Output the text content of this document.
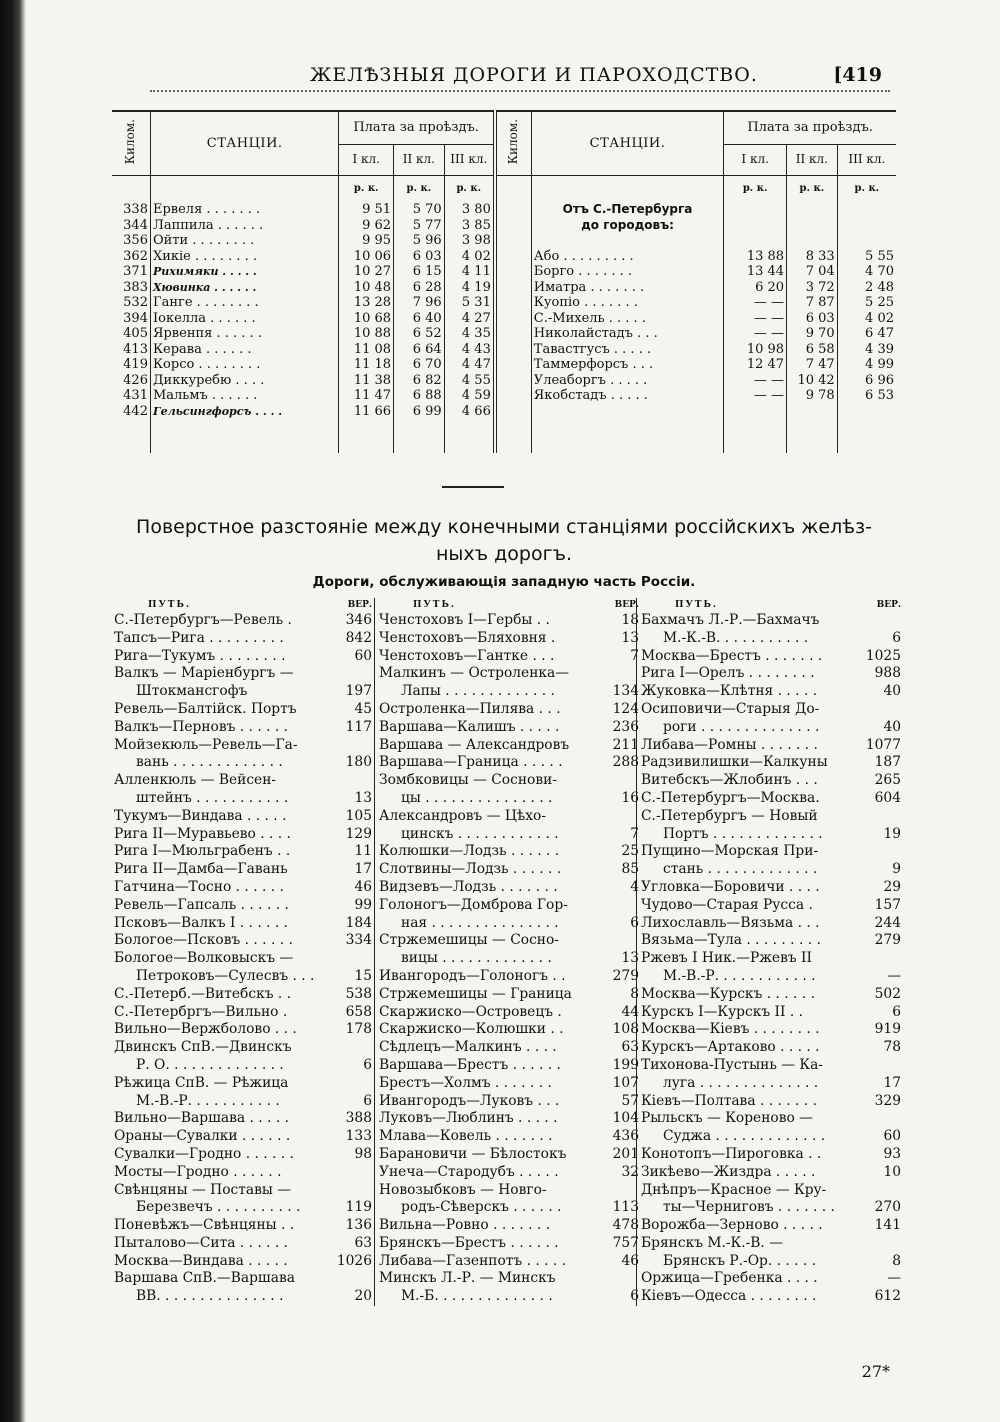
ЖЕЛѢЗНЫЯ ДОРОГИ И ПАРОХОДСТВО.	[419
Килом.	СТАНЦІИ.	Плата за проѣздъ.			Килом.	СТАНЦІИ.	Плата за проѣздъ.		
		I кл.	II кл.	III кл.			I кл.	II кл.	III кл.
		р. к.	р. к.	р. к.			р. к.	р. к.	р. к.
338	Ервеля . . . . . . .	9 51	5 70	3 80		Отъ С.-Петербурга			
344	Лаппила . . . . . .	9 62	5 77	3 85		до городовъ:			
356	Ойти . . . . . . . .	9 95	5 96	3 98					
362	Хикіе . . . . . . . .	10 06	6 03	4 02		Або . . . . . . . . .	13 88	8 33	5 55
371	Рихимяки . . . . .	10 27	6 15	4 11		Борго . . . . . . .	13 44	7 04	4 70
383	Хювинка . . . . . .	10 48	6 28	4 19		Иматра . . . . . . .	6 20	3 72	2 48
532	Ганге . . . . . . . .	13 28	7 96	5 31		Куопіо . . . . . . .	— —	7 87	5 25
394	Іокелла . . . . . .	10 68	6 40	4 27		С.-Михель . . . . .	— —	6 03	4 02
405	Ярвенпя . . . . . .	10 88	6 52	4 35		Николайстадъ . . .	— —	9 70	6 47
413	Керава . . . . . .	11 08	6 64	4 43		Тавастгусъ . . . . .	10 98	6 58	4 39
419	Корсо . . . . . . . .	11 18	6 70	4 47		Таммерфорсъ . . .	12 47	7 47	4 99
426	Диккуребю . . . .	11 38	6 82	4 55		Улеаборгъ . . . . .	— —	10 42	6 96
431	Мальмъ . . . . . .	11 47	6 88	4 59		Якобстадъ . . . . .	— —	9 78	6 53
442	Гельсингфорсъ . . . .	11 66	6 99	4 66					

Поверстное разстояніе между конечными станціями россійскихъ желѣз-
ныхъ дорогъ.
Дороги, обслуживающія западную часть Россіи.
ПУТЬ.	ВЕР.
С.-Петербургъ—Ревель .	346
Тапсъ—Рига . . . . . . . . .	842
Рига—Тукумъ . . . . . . . .	60
Валкъ — Маріенбургъ —	
Штокмансгофъ	197
Ревель—Балтійск. Портъ	45
Валкъ—Перновъ . . . . . .	117
Мойзекюль—Ревель—Га-	
вань . . . . . . . . . . . . .	180
Алленкюль — Вейсен-	
штейнъ . . . . . . . . . . .	13
Тукумъ—Виндава . . . . .	105
Рига II—Муравьево . . . .	129
Рига I—Мюльграбенъ . .	11
Рига II—Дамба—Гавань	17
Гатчина—Тосно . . . . . .	46
Ревель—Гапсаль . . . . . .	99
Псковъ—Валкъ I . . . . . .	184
Бологое—Псковъ . . . . . .	334
Бологое—Волковыскъ —	
Петроковъ—Сулесвъ . . .	15
С.-Петерб.—Витебскъ . .	538
С.-Петербргъ—Вильно .	658
Вильно—Вержболово . . .	178
Двинскъ СпВ.—Двинскъ	
Р. О. . . . . . . . . . . . . .	6
Рѣжица СпВ. — Рѣжица	
М.-В.-Р. . . . . . . . . . .	6
Вильно—Варшава . . . . .	388
Ораны—Сувалки . . . . . .	133
Сувалки—Гродно . . . . . .	98
Мосты—Гродно . . . . . .	
Свѣнцяны — Поставы —	
Березвечъ . . . . . . . . . .	119
Поневѣжъ—Свѣнцяны . .	136
Пыталово—Сита . . . . . .	63
Москва—Виндава . . . . .	1026
Варшава СпВ.—Варшава	
ВВ. . . . . . . . . . . . . . .	20
ПУТЬ.	ВЕР.
Ченстоховъ I—Гербы . .	18
Ченстоховъ—Бляховня .	13
Ченстоховъ—Гантке . . .	7
Малкинъ — Остроленка—	
Лапы . . . . . . . . . . . . .	134
Остроленка—Пилява . . .	124
Варшава—Калишъ . . . . .	236
Варшава — Александровъ	211
Варшава—Граница . . . . .	288
Зомбковицы — Соснови-	
цы . . . . . . . . . . . . . . .	16
Александровъ — Цѣхо-	
цинскъ . . . . . . . . . . . .	7
Колюшки—Лодзь . . . . . .	25
Слотвины—Лодзь . . . . . .	85
Видзевъ—Лодзь . . . . . . .	4
Голоногъ—Домброва Гор-	
ная . . . . . . . . . . . . . . .	6
Стржемешицы — Сосно-	
вицы . . . . . . . . . . . . .	13
Ивангородъ—Голоногъ . .	279
Стржемешицы — Граница	8
Скаржиско—Островецъ .	44
Скаржиско—Колюшки . .	108
Сѣдлецъ—Малкинъ . . . .	63
Варшава—Брестъ . . . . . .	199
Брестъ—Холмъ . . . . . . .	107
Ивангородъ—Луковъ . . .	57
Луковъ—Люблинъ . . . . .	104
Млава—Ковель . . . . . . .	436
Барановичи — Бѣлостокъ	201
Унеча—Стародубъ . . . . .	32
Новозыбковъ — Новго-	
родъ-Сѣверскъ . . . . . .	113
Вильна—Ровно . . . . . . .	478
Брянскъ—Брестъ . . . . . .	757
Либава—Газенпотъ . . . . .	46
Минскъ Л.-Р. — Минскъ	
М.-Б. . . . . . . . . . . . . .	6
ПУТЬ.	ВЕР.
Бахмачъ Л.-Р.—Бахмачъ	
М.-К.-В. . . . . . . . . . .	6
Москва—Брестъ . . . . . . .	1025
Рига I—Орелъ . . . . . . . .	988
Жуковка—Клѣтня . . . . .	40
Осиповичи—Старыя До-	
роги . . . . . . . . . . . . . .	40
Либава—Ромны . . . . . . .	1077
Радзивилишки—Калкуны	187
Витебскъ—Жлобинъ . . .	265
С.-Петербургъ—Москва.	604
С.-Петербургъ — Новый	
Портъ . . . . . . . . . . . . .	19
Пущино—Морская При-	
стань . . . . . . . . . . . . .	9
Угловка—Боровичи . . . .	29
Чудово—Старая Русса .	157
Лихославль—Вязьма . . .	244
Вязьма—Тула . . . . . . . . .	279
Ржевъ I Ник.—Ржевъ II	
М.-В.-Р. . . . . . . . . . . .	—
Москва—Курскъ . . . . . .	502
Курскъ I—Курскъ II . .	6
Москва—Кіевъ . . . . . . . .	919
Курскъ—Артаково . . . . .	78
Тихонова-Пустынь — Ка-	
луга . . . . . . . . . . . . . .	17
Кіевъ—Полтава . . . . . . .	329
Рыльскъ — Кореново —	
Суджа . . . . . . . . . . . . .	60
Конотопъ—Пироговка . .	93
Зикѣево—Жиздра . . . . .	10
Днѣпръ—Красное — Кру-	
ты—Черниговъ . . . . . . .	270
Ворожба—Зерново . . . . .	141
Брянскъ М.-К.-В. —	
Брянскъ Р.-Ор. . . . . .	8
Оржица—Гребенка . . . .	—
Кіевъ—Одесса . . . . . . . .	612
27*
